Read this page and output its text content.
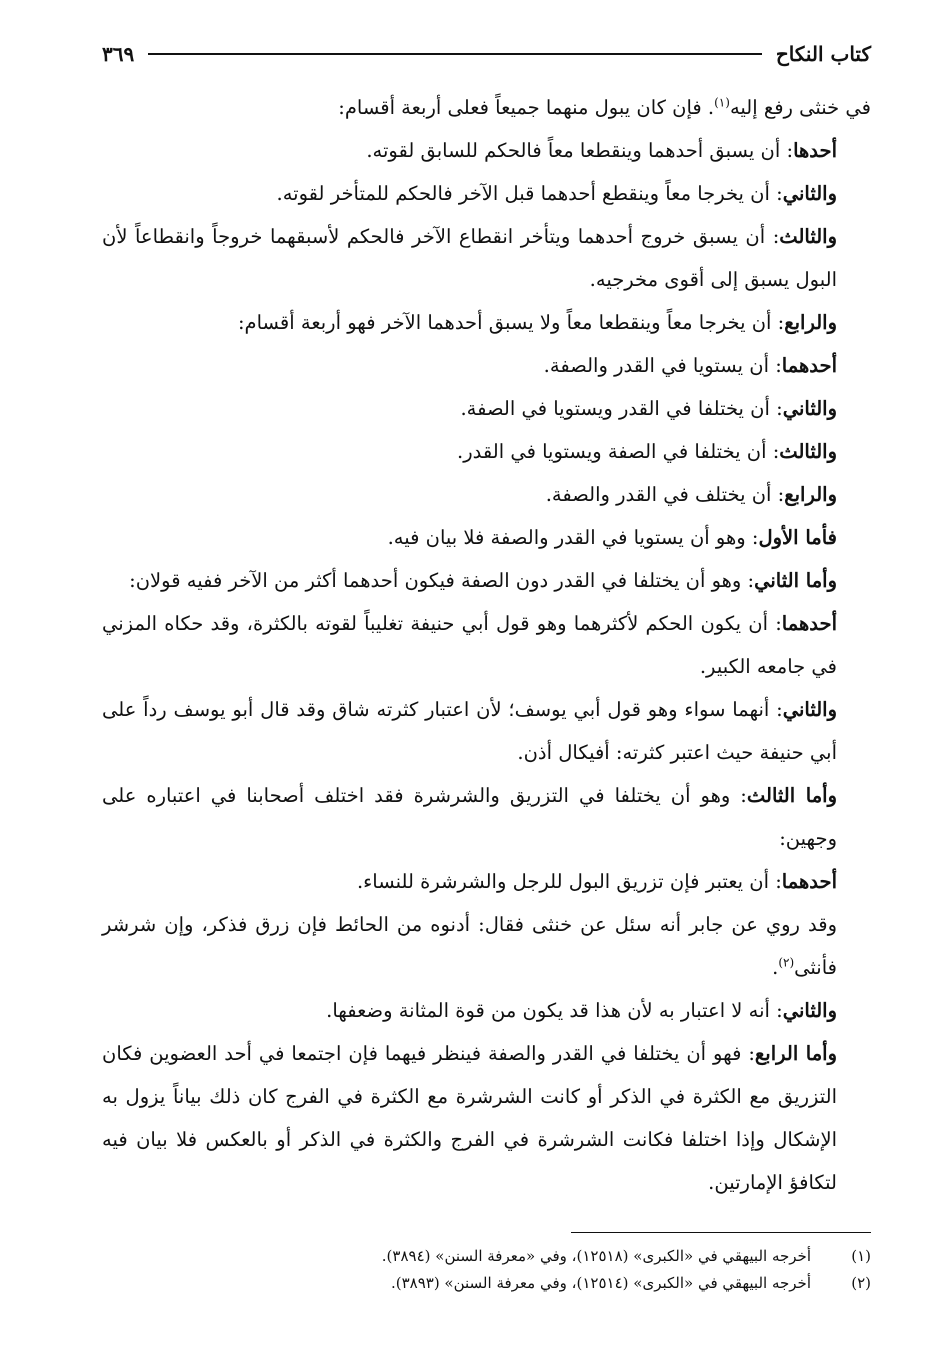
كتاب النكاح
٣٦٩

في خنثى رفع إليه$^{(١)}$. فإن كان يبول منهما جميعاً فعلى أربعة أقسام:

أحدها: أن يسبق أحدهما وينقطعا معاً فالحكم للسابق لقوته.

والثاني: أن يخرجا معاً وينقطع أحدهما قبل الآخر فالحكم للمتأخر لقوته.

والثالث: أن يسبق خروج أحدهما ويتأخر انقطاع الآخر فالحكم لأسبقهما خروجاً وانقطاعاً لأن البول يسبق إلى أقوى مخرجيه.

والرابع: أن يخرجا معاً وينقطعا معاً ولا يسبق أحدهما الآخر فهو أربعة أقسام:

أحدهما: أن يستويا في القدر والصفة.

والثاني: أن يختلفا في القدر ويستويا في الصفة.

والثالث: أن يختلفا في الصفة ويستويا في القدر.

والرابع: أن يختلف في القدر والصفة.

فأما الأول: وهو أن يستويا في القدر والصفة فلا بيان فيه.

وأما الثاني: وهو أن يختلفا في القدر دون الصفة فيكون أحدهما أكثر من الآخر ففيه قولان:

أحدهما: أن يكون الحكم لأكثرهما وهو قول أبي حنيفة تغليباً لقوته بالكثرة، وقد حكاه المزني في جامعه الكبير.

والثاني: أنهما سواء وهو قول أبي يوسف؛ لأن اعتبار كثرته شاق وقد قال أبو يوسف رداً على أبي حنيفة حيث اعتبر كثرته: أفيكال أذن.

وأما الثالث: وهو أن يختلفا في التزريق والشرشرة فقد اختلف أصحابنا في اعتباره على وجهين:

أحدهما: أن يعتبر فإن تزريق البول للرجل والشرشرة للنساء.

وقد روي عن جابر أنه سئل عن خنثى فقال: أدنوه من الحائط فإن زرق فذكر، وإن شرشر فأنثى$^{(٢)}$.

والثاني: أنه لا اعتبار به لأن هذا قد يكون من قوة المثانة وضعفها.

وأما الرابع: فهو أن يختلفا في القدر والصفة فينظر فيهما فإن اجتمعا في أحد العضوين فكان التزريق مع الكثرة في الذكر أو كانت الشرشرة مع الكثرة في الفرج كان ذلك بياناً يزول به الإشكال وإذا اختلفا فكانت الشرشرة في الفرج والكثرة في الذكر أو بالعكس فلا بيان فيه لتكافؤ الإمارتين.

(١)
أخرجه البيهقي في «الكبرى» (١٢٥١٨)، وفي «معرفة السنن» (٣٨٩٤).
(٢)
أخرجه البيهقي في «الكبرى» (١٢٥١٤)، وفي معرفة السنن» (٣٨٩٣).
